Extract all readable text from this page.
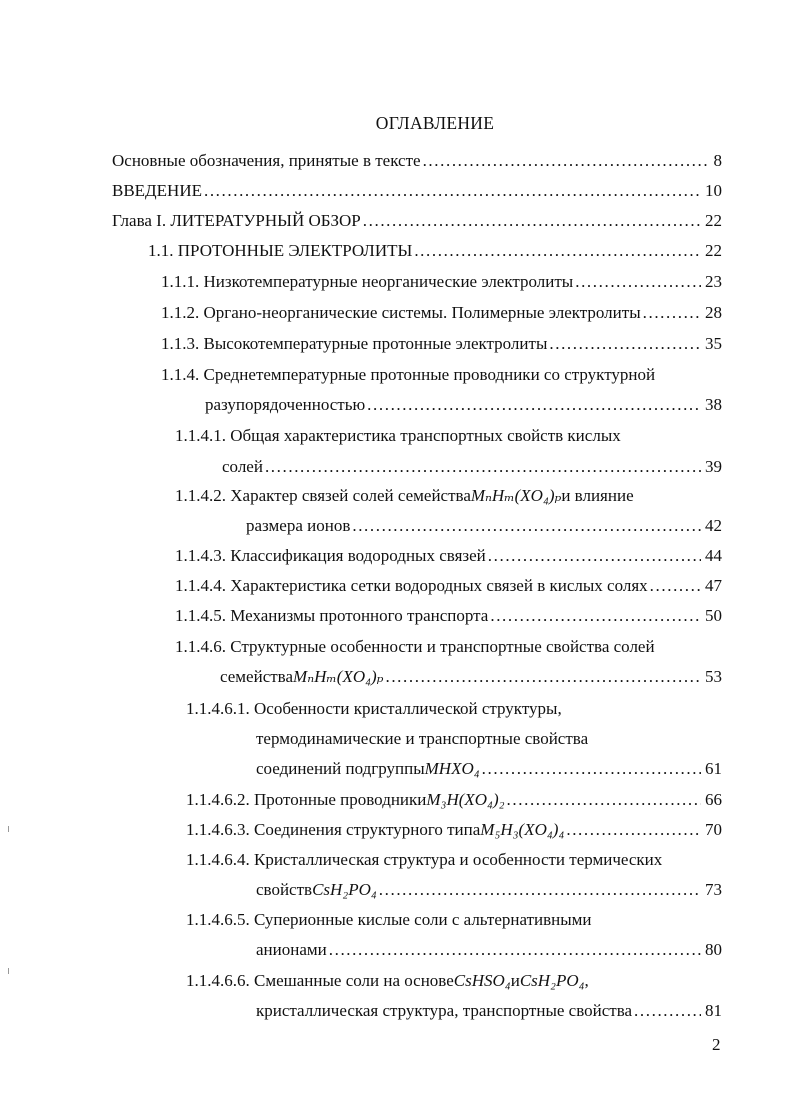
ОГЛАВЛЕНИЕ
Основные обозначения, принятые в тексте .....	8
ВВЕДЕНИЕ .....	10
Глава I. ЛИТЕРАТУРНЫЙ ОБЗОР .....	22
1.1. ПРОТОННЫЕ ЭЛЕКТРОЛИТЫ .....	22
1.1.1. Низкотемпературные неорганические электролиты .....	23
1.1.2. Органо-неорганические системы. Полимерные электролиты .....	28
1.1.3. Высокотемпературные протонные электролиты .....	35
1.1.4. Среднетемпературные протонные проводники со структурной
разупорядоченностью .....	38
1.1.4.1. Общая характеристика транспортных свойств кислых
солей .....	39
1.1.4.2. Характер связей солей семейства MₙHₘ(XO₄)ₚ и влияние
размера ионов .....	42
1.1.4.3. Классификация водородных связей .....	44
1.1.4.4. Характеристика сетки водородных связей в кислых солях .....	47
1.1.4.5. Механизмы протонного транспорта .....	50
1.1.4.6. Структурные особенности и транспортные свойства солей
семейства MₙHₘ(XO₄)ₚ .....	53
1.1.4.6.1. Особенности кристаллической структуры,
термодинамические и транспортные свойства
соединений подгруппы MHXO₄ .....	61
1.1.4.6.2. Протонные проводники M₃H(XO₄)₂ .....	66
1.1.4.6.3. Соединения структурного типа M₅H₃(XO₄)₄ .....	70
1.1.4.6.4. Кристаллическая структура и особенности термических
свойств CsH₂PO₄ .....	73
1.1.4.6.5. Суперионные кислые соли с альтернативными
анионами .....	80
1.1.4.6.6. Смешанные соли на основе CsHSO₄ и CsH₂PO₄ ,
кристаллическая структура, транспортные свойства .....	81
2
